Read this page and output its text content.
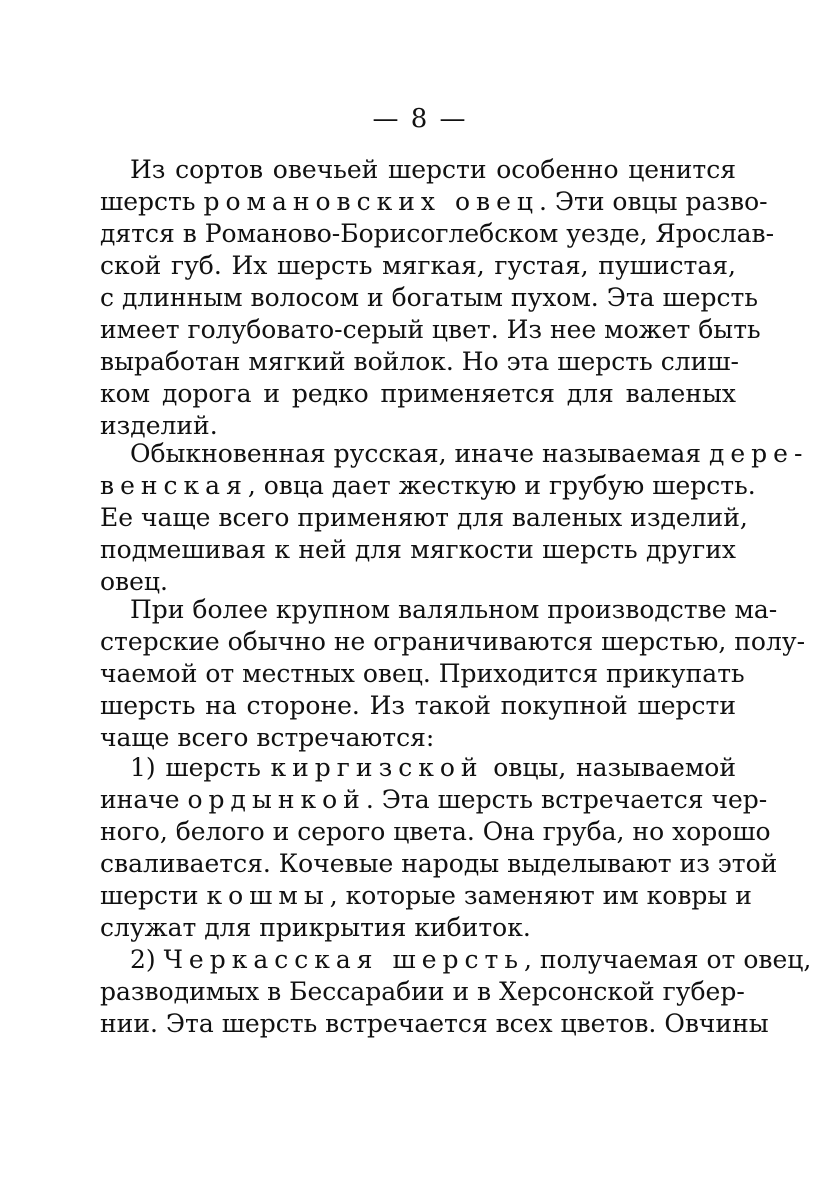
— 8 —
Из сортов овечьей шерсти особенно ценится
шерсть романовских овец. Эти овцы разво-
дятся в Романово-Борисоглебском уезде, Ярослав-
ской губ. Их шерсть мягкая, густая, пушистая,
с длинным волосом и богатым пухом. Эта шерсть
имеет голубовато-серый цвет. Из нее может быть
выработан мягкий войлок. Но эта шерсть слиш-
ком дорога и редко применяется для валеных
изделий.
Обыкновенная русская, иначе называемая дере-
венская, овца дает жесткую и грубую шерсть.
Ее чаще всего применяют для валеных изделий,
подмешивая к ней для мягкости шерсть других
овец.
При более крупном валяльном производстве ма-
стерские обычно не ограничиваются шерстью, полу-
чаемой от местных овец. Приходится прикупать
шерсть на стороне. Из такой покупной шерсти
чаще всего встречаются:
1) шерсть киргизской овцы, называемой
иначе ордынкой. Эта шерсть встречается чер-
ного, белого и серого цвета. Она груба, но хорошо
сваливается. Кочевые народы выделывают из этой
шерсти кошмы, которые заменяют им ковры и
служат для прикрытия кибиток.
2) Черкасская шерсть, получаемая от овец,
разводимых в Бессарабии и в Херсонской губер-
нии. Эта шерсть встречается всех цветов. Овчины
